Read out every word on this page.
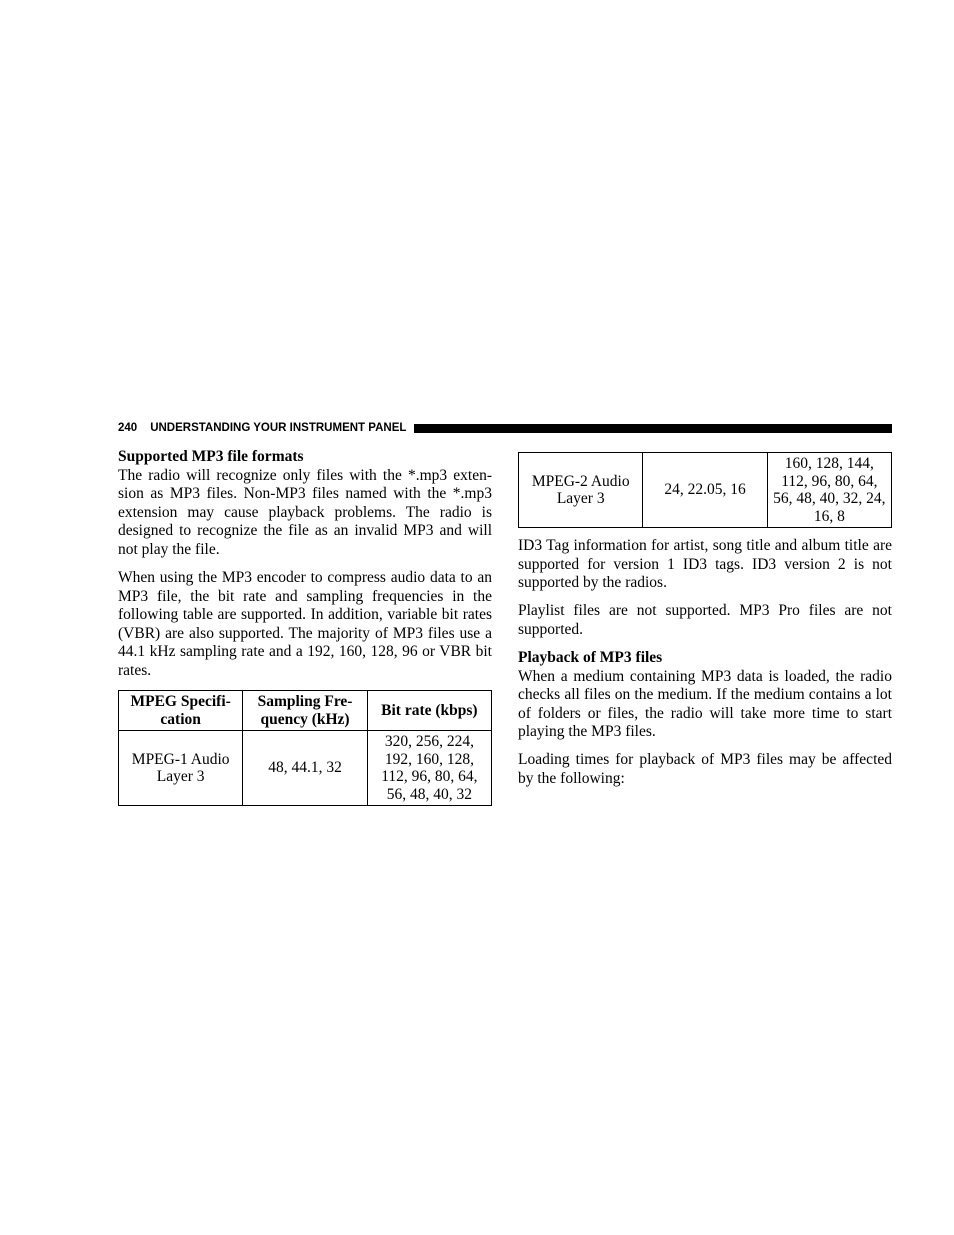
240 UNDERSTANDING YOUR INSTRUMENT PANEL
Supported MP3 file formats

The radio will recognize only files with the *.mp3 exten-sion as MP3 files. Non-MP3 files named with the *.mp3 extension may cause playback problems. The radio is designed to recognize the file as an invalid MP3 and will not play the file.

When using the MP3 encoder to compress audio data to an MP3 file, the bit rate and sampling frequencies in the following table are supported. In addition, variable bit rates (VBR) are also supported. The majority of MP3 files use a 44.1 kHz sampling rate and a 192, 160, 128, 96 or VBR bit rates.

MPEG Specifi-cation	Sampling Fre-quency (kHz)	Bit rate (kbps)
MPEG-1 Audio Layer 3	48, 44.1, 32	320, 256, 224, 192, 160, 128, 112, 96, 80, 64, 56, 48, 40, 32
MPEG-2 Audio Layer 3	24, 22.05, 16	160, 128, 144, 112, 96, 80, 64, 56, 48, 40, 32, 24, 16, 8

ID3 Tag information for artist, song title and album title are supported for version 1 ID3 tags. ID3 version 2 is not supported by the radios.

Playlist files are not supported. MP3 Pro files are not supported.

Playback of MP3 files

When a medium containing MP3 data is loaded, the radio checks all files on the medium. If the medium contains a lot of folders or files, the radio will take more time to start playing the MP3 files.

Loading times for playback of MP3 files may be affected by the following:
